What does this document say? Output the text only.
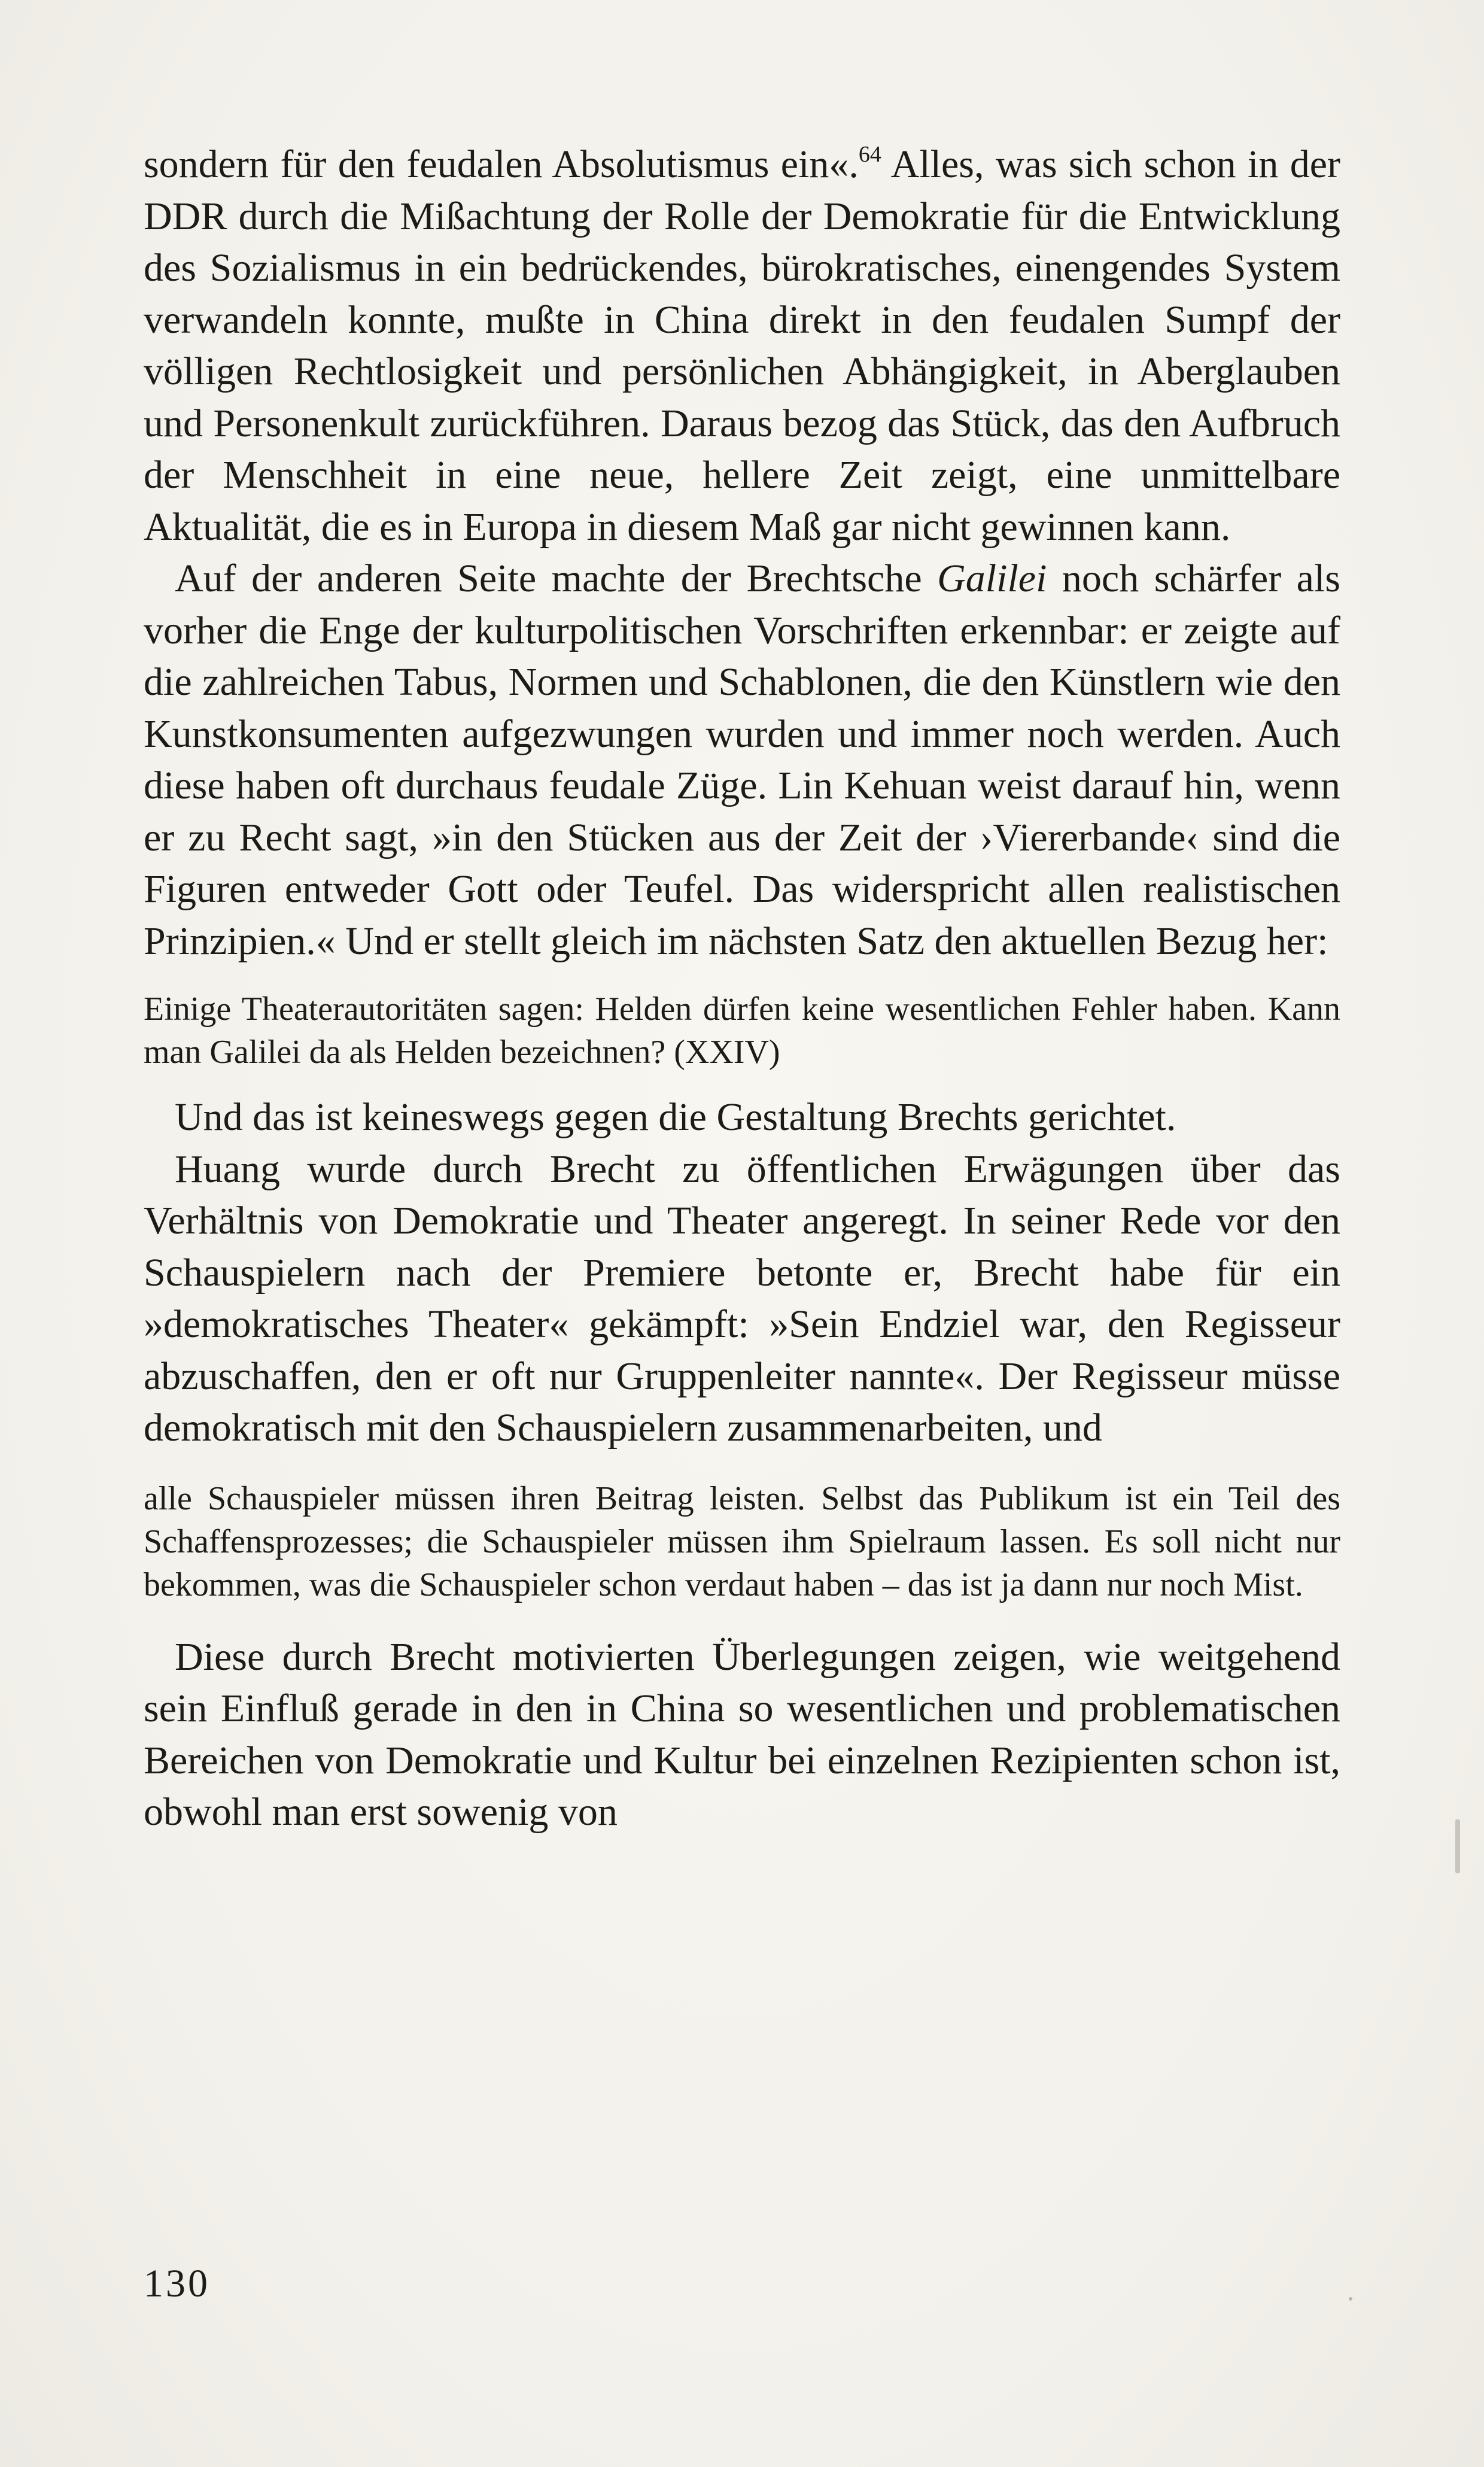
sondern für den feudalen Absolutismus ein«.$^{64}$ Alles, was sich schon in der DDR durch die Mißachtung der Rolle der Demokratie für die Entwicklung des Sozialismus in ein bedrückendes, bürokratisches, einengendes System verwandeln konnte, mußte in China direkt in den feudalen Sumpf der völligen Rechtlosigkeit und persönlichen Abhängigkeit, in Aberglauben und Personenkult zurückführen. Daraus bezog das Stück, das den Aufbruch der Menschheit in eine neue, hellere Zeit zeigt, eine unmittelbare Aktualität, die es in Europa in diesem Maß gar nicht gewinnen kann.

Auf der anderen Seite machte der Brechtsche Galilei noch schärfer als vorher die Enge der kulturpolitischen Vorschriften erkennbar: er zeigte auf die zahlreichen Tabus, Normen und Schablonen, die den Künstlern wie den Kunstkonsumenten aufgezwungen wurden und immer noch werden. Auch diese haben oft durchaus feudale Züge. Lin Kehuan weist darauf hin, wenn er zu Recht sagt, »in den Stücken aus der Zeit der ›Viererbande‹ sind die Figuren entweder Gott oder Teufel. Das widerspricht allen realistischen Prinzipien.« Und er stellt gleich im nächsten Satz den aktuellen Bezug her:

Einige Theaterautoritäten sagen: Helden dürfen keine wesentlichen Fehler haben. Kann man Galilei da als Helden bezeichnen? (XXIV)

Und das ist keineswegs gegen die Gestaltung Brechts gerichtet.

Huang wurde durch Brecht zu öffentlichen Erwägungen über das Verhältnis von Demokratie und Theater angeregt. In seiner Rede vor den Schauspielern nach der Premiere betonte er, Brecht habe für ein »demokratisches Theater« gekämpft: »Sein Endziel war, den Regisseur abzuschaffen, den er oft nur Gruppenleiter nannte«. Der Regisseur müsse demokratisch mit den Schauspielern zusammenarbeiten, und

alle Schauspieler müssen ihren Beitrag leisten. Selbst das Publikum ist ein Teil des Schaffensprozesses; die Schauspieler müssen ihm Spielraum lassen. Es soll nicht nur bekommen, was die Schauspieler schon verdaut haben – das ist ja dann nur noch Mist.

Diese durch Brecht motivierten Überlegungen zeigen, wie weitgehend sein Einfluß gerade in den in China so wesentlichen und problematischen Bereichen von Demokratie und Kultur bei einzelnen Rezipienten schon ist, obwohl man erst sowenig von

130
